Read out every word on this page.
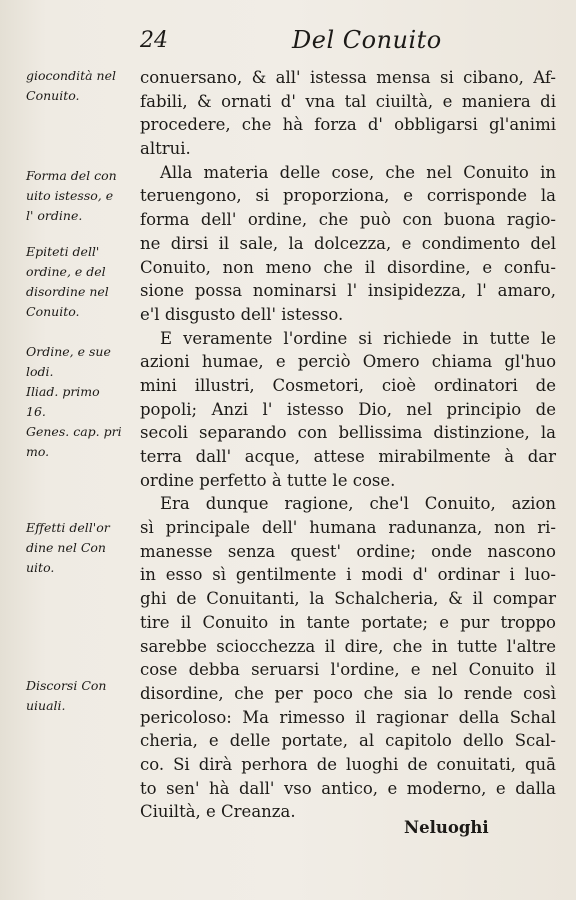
24	Del Conuito
giocondità nel
Conuito.
Forma del con
uito istesso, e
l' ordine.
Epiteti dell'
ordine, e del
disordine nel
Conuito.
Ordine, e sue
lodi.
Iliad. primo
16.
Genes. cap. pri
mo.
Effetti dell'or
dine nel Con
uito.
Discorsi Con
uiuali.
conuersano, & all' istessa mensa si cibano, Af-
fabili, & ornati d' vna tal ciuiltà, e maniera di
procedere, che hà forza d' obbligarsi gl'animi
altrui.
Alla materia delle cose, che nel Conuito in
teruengono, si proporziona, e corrisponde la
forma dell' ordine, che può con buona ragio-
ne dirsi il sale, la dolcezza, e condimento del
Conuito, non meno che il disordine, e confu-
sione possa nominarsi l' insipidezza, l' amaro,
e'l disgusto dell' istesso.
E veramente l'ordine si richiede in tutte le
azioni humae, e perciò Omero chiama gl'huo
mini illustri, Cosmetori, cioè ordinatori de
popoli; Anzi l' istesso Dio, nel principio de
secoli separando con bellissima distinzione, la
terra dall' acque, attese mirabilmente à dar
ordine perfetto à tutte le cose.
Era dunque ragione, che'l Conuito, azion
sì principale dell' humana radunanza, non ri-
manesse senza quest' ordine; onde nascono
in esso sì gentilmente i modi d' ordinar i luo-
ghi de Conuitanti, la Schalcheria, & il compar
tire il Conuito in tante portate; e pur troppo
sarebbe sciocchezza il dire, che in tutte l'altre
cose debba seruarsi l'ordine, e nel Conuito il
disordine, che per poco che sia lo rende così
pericoloso: Ma rimesso il ragionar della Schal
cheria, e delle portate, al capitolo dello Scal-
co. Si dirà perhora de luoghi de conuitati, quā
to sen' hà dall' vso antico, e moderno, e dalla
Ciuiltà, e Creanza.
Neluoghi
